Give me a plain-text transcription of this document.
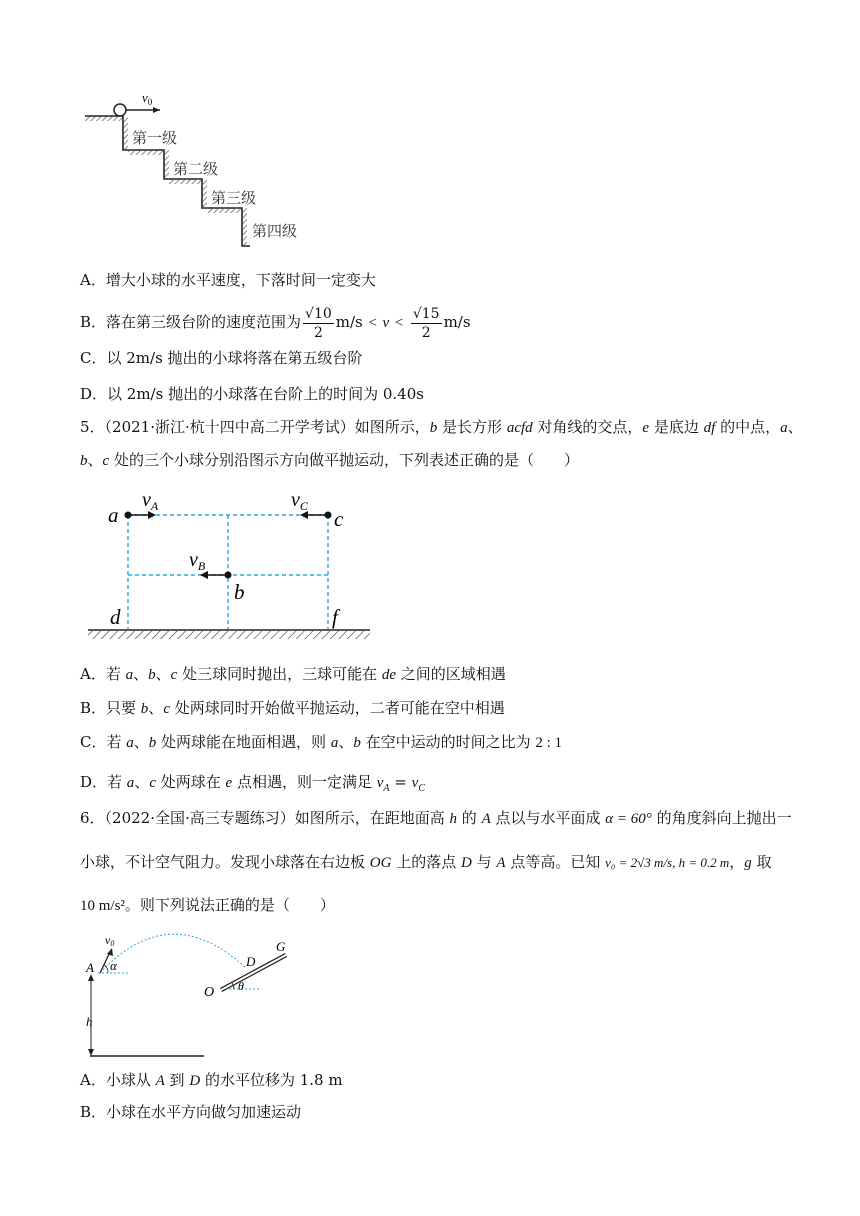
$v_0$
第一级
第二级
第三级
第四级
A．增大小球的水平速度，下落时间一定变大
B．落在第三级台阶的速度范围为 $\frac{√10}{2} m/s < v < \frac{√15}{2} m/s$
C．以 2m/s 抛出的小球将落在第五级台阶
D．以 2m/s 抛出的小球落在台阶上的时间为 0.40s
5．（2021·浙江·杭十四中高二开学考试）如图所示，b 是长方形 acfd 对角线的交点，e 是底边 df 的中点，a、
b、c 处的三个小球分别沿图示方向做平抛运动，下列表述正确的是（　　）
a	c
b
d	f
$v_A$	$v_C$
$v_B$
A．若 a、b、c 处三球同时抛出，三球可能在 de 之间的区域相遇
B．只要 b、c 处两球同时开始做平抛运动，二者可能在空中相遇
C．若 a、b 处两球能在地面相遇，则 a、b 在空中运动的时间之比为 2 : 1
D．若 a、c 处两球在 e 点相遇，则一定满足 $v_A = v_C$
6．（2022·全国·高三专题练习）如图所示，在距地面高 h 的 A 点以与水平面成 α = 60° 的角度斜向上抛出一
小球，不计空气阻力。发现小球落在右边板 OG 上的落点 D 与 A 点等高。已知 v₀ = 2√3 m/s, h = 0.2 m，g 取
10 m/s²。则下列说法正确的是（　　）
v0
A α
h
D
G
O θ
A．小球从 A 到 D 的水平位移为 1.8 m
B．小球在水平方向做匀加速运动
